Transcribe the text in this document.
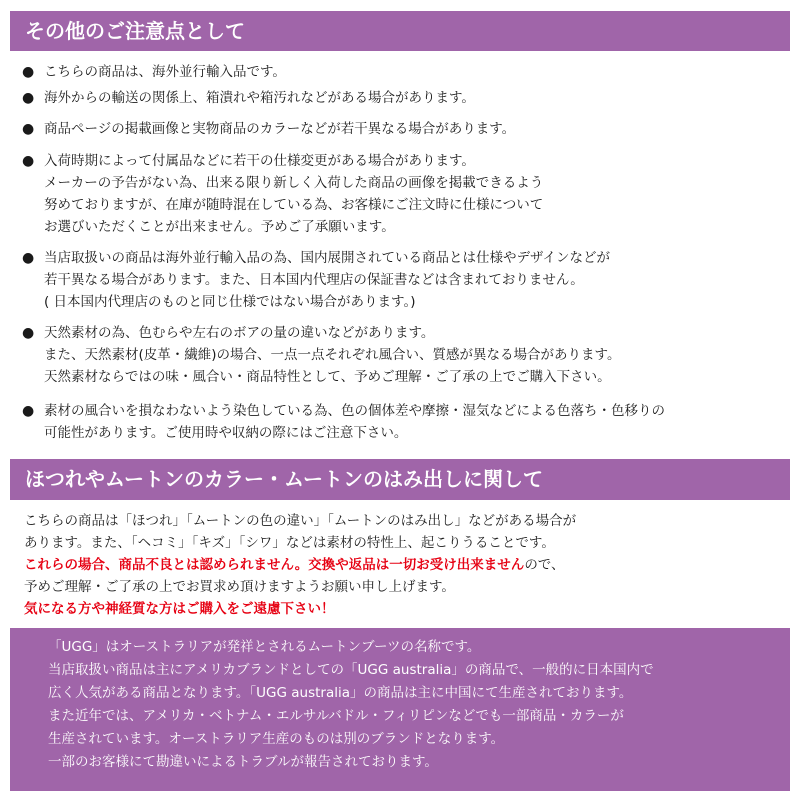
その他のご注意点として
● こちらの商品は、海外並行輸入品です。
● 海外からの輸送の関係上、箱潰れや箱汚れなどがある場合があります。
● 商品ページの掲載画像と実物商品のカラーなどが若干異なる場合があります。
● 入荷時期によって付属品などに若干の仕様変更がある場合があります。
メーカーの予告がない為、出来る限り新しく入荷した商品の画像を掲載できるよう
努めておりますが、在庫が随時混在している為、お客様にご注文時に仕様について
お選びいただくことが出来ません。予めご了承願います。
● 当店取扱いの商品は海外並行輸入品の為、国内展開されている商品とは仕様やデザインなどが
若干異なる場合があります。また、日本国内代理店の保証書などは含まれておりません。
( 日本国内代理店のものと同じ仕様ではない場合があります。)
● 天然素材の為、色むらや左右のボアの量の違いなどがあります。
また、天然素材(皮革・繊維)の場合、一点一点それぞれ風合い、質感が異なる場合があります。
天然素材ならではの味・風合い・商品特性として、予めご理解・ご了承の上でご購入下さい。
● 素材の風合いを損なわないよう染色している為、色の個体差や摩擦・湿気などによる色落ち・色移りの
可能性があります。ご使用時や収納の際にはご注意下さい。
ほつれやムートンのカラー・ムートンのはみ出しに関して
こちらの商品は「ほつれ」「ムートンの色の違い」「ムートンのはみ出し」などがある場合が
あります。また、「ヘコミ」「キズ」「シワ」などは素材の特性上、起こりうることです。
これらの場合、商品不良とは認められません。交換や返品は一切お受け出来ませんので、
予めご理解・ご了承の上でお買求め頂けますようお願い申し上げます。
気になる方や神経質な方はご購入をご遠慮下さい！
「UGG」はオーストラリアが発祥とされるムートンブーツの名称です。
当店取扱い商品は主にアメリカブランドとしての「UGG australia」の商品で、一般的に日本国内で
広く人気がある商品となります。「UGG australia」の商品は主に中国にて生産されております。
また近年では、アメリカ・ベトナム・エルサルバドル・フィリピンなどでも一部商品・カラーが
生産されています。オーストラリア生産のものは別のブランドとなります。
一部のお客様にて勘違いによるトラブルが報告されております。
